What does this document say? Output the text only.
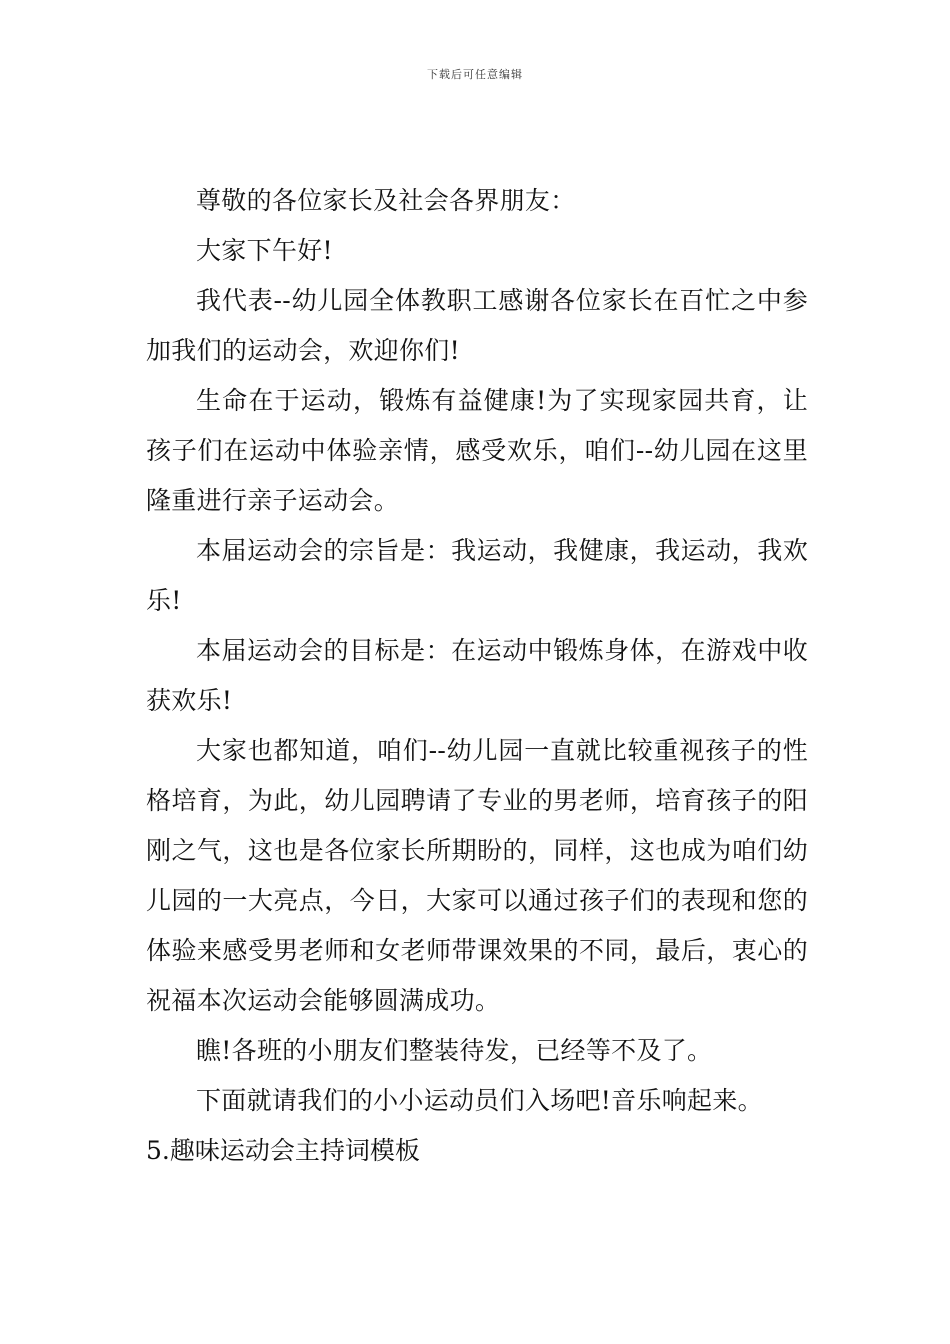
下载后可任意编辑

尊敬的各位家长及社会各界朋友：

大家下午好!

我代表--幼儿园全体教职工感谢各位家长在百忙之中参加我们的运动会，欢迎你们!

生命在于运动，锻炼有益健康!为了实现家园共育，让孩子们在运动中体验亲情，感受欢乐，咱们--幼儿园在这里隆重进行亲子运动会。

本届运动会的宗旨是：我运动，我健康，我运动，我欢乐!

本届运动会的目标是：在运动中锻炼身体，在游戏中收获欢乐!

大家也都知道，咱们--幼儿园一直就比较重视孩子的性格培育，为此，幼儿园聘请了专业的男老师，培育孩子的阳刚之气，这也是各位家长所期盼的，同样，这也成为咱们幼儿园的一大亮点，今日，大家可以通过孩子们的表现和您的体验来感受男老师和女老师带课效果的不同，最后，衷心的祝福本次运动会能够圆满成功。

瞧!各班的小朋友们整装待发，已经等不及了。

下面就请我们的小小运动员们入场吧!音乐响起来。

5.趣味运动会主持词模板
